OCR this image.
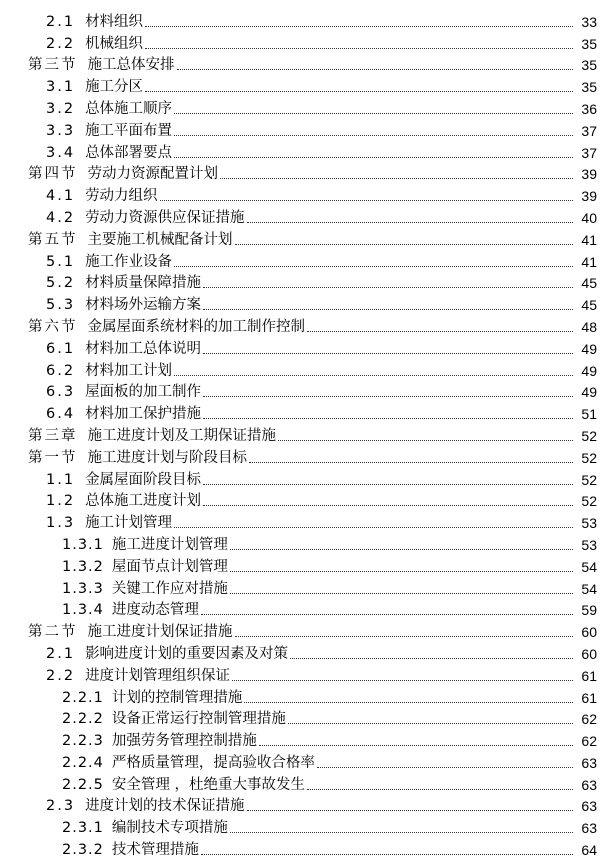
2.1 材料组织	33
2.2 机械组织	35
第三节 施工总体安排	35
3.1 施工分区	35
3.2 总体施工顺序	36
3.3 施工平面布置	37
3.4 总体部署要点	37
第四节 劳动力资源配置计划	39
4.1 劳动力组织	39
4.2 劳动力资源供应保证措施	40
第五节 主要施工机械配备计划	41
5.1 施工作业设备	41
5.2 材料质量保障措施	45
5.3 材料场外运输方案	45
第六节 金属屋面系统材料的加工制作控制	48
6.1 材料加工总体说明	49
6.2 材料加工计划	49
6.3 屋面板的加工制作	49
6.4 材料加工保护措施	51
第三章 施工进度计划及工期保证措施	52
第一节 施工进度计划与阶段目标	52
1.1 金属屋面阶段目标	52
1.2 总体施工进度计划	52
1.3 施工计划管理	53
1.3.1 施工进度计划管理	53
1.3.2 屋面节点计划管理	54
1.3.3 关键工作应对措施	54
1.3.4 进度动态管理	59
第二节 施工进度计划保证措施	60
2.1 影响进度计划的重要因素及对策	60
2.2 进度计划管理组织保证	61
2.2.1 计划的控制管理措施	61
2.2.2 设备正常运行控制管理措施	62
2.2.3 加强劳务管理控制措施	62
2.2.4 严格质量管理，提高验收合格率	63
2.2.5 安全管理 ，杜绝重大事故发生	63
2.3 进度计划的技术保证措施	63
2.3.1 编制技术专项措施	63
2.3.2 技术管理措施	64
